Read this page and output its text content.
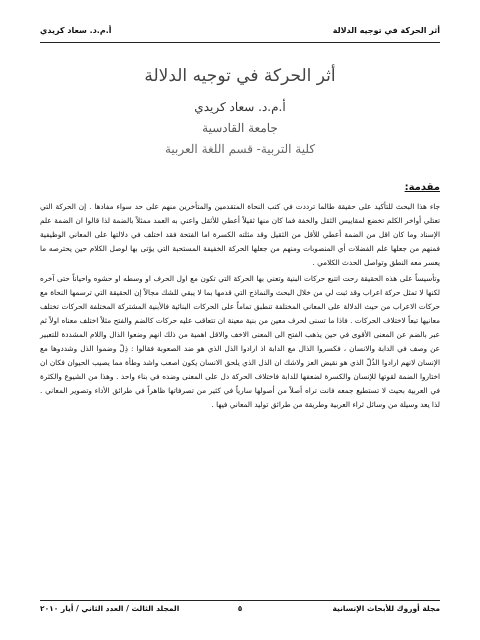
أثر الحركة في توجيه الدلالة
أ.م.د. سعاد كريدي
أثر الحركة في توجيه الدلالة
أ.م.د. سعاد كريدي
جامعة القادسية
كلية التربية- قسم اللغة العربية
مقدمة:

جاء هذا البحث للتأكيد على حقيقة طالما ترددت في كتب النحاة المتقدمين والمتأخرين منهم على حد سواء مفادها . إن الحركة التي تعتلي أواخر الكلم تخضع لمقاييس الثقل والخفة فما كان منها ثقيلاً أعطي للأثقل واعني به العمد ممثلاً بالضمة لذا قالوا ان الضمة علم الإسناد وما كان اقل من الضمة أعطي للأقل من الثقيل وقد مثلته الكسرة اما الفتحة فقد اختلف في دلالتها على المعاني الوظيفية فمنهم من جعلها علم الفضلات أي المنصوبات ومنهم من جعلها الحركة الخفيفة المستحبة التي يؤتى بها لوصل الكلام حين يحترصه ما يعسر معه النطق وتواصل الحدث الكلامي .

وتأسيساً على هذه الحقيقة رحت اتتبع حركات البنية وتعني بها الحركة التي تكون مع اول الحرف او وسطه او حشوه واحياناً حتى آخره لكنها لا تمثل حركة اعراب وقد ثبت لي من خلال البحث والنماذج التي قدمها بما لا يبقي للشك مجالاً إن الحقيقة التي ترسمها النحاة مع حركات الاعراب من حيث الدلالة على المعاني المختلفة تنطبق تماماً على الحركات البنائية فالأبنية المشتركة المختلفة الحركات تختلف معانيها تبعاً لاختلاف الحركات . فاذا ما تسنى لحرف معين من بنية معينة ان تتعاقب عليه حركات كالضم والفتح مثلاً اختلف معناه اولاً ثم عبر بالضم عن المعنى الأقوى في حين يذهب الفتح الى المعنى الاخف والاقل اهمية من ذلك انهم وضعوا الذال واللام المشددة للتعبير عن وصف في الدابة والانسان ، فكسروا الذال مع الدابة اذ ارادوا الذل الذي هو ضد الصعوبة فقالوا : ذِلّ وضموا الذل وشددوها مع الإنسان لانهم ارادوا الذُلّ الذي هو نقيض العز ولاشك ان الذل الذي يلحق الانسان يكون اصعب واشد وطأة مما يصيب الحيوان فكان ان اختاروا الضمة لقوتها للإنسان والكسرة لضعفها للدابة فاختلاف الحركة دل على المعنى وضده في بناء واحد . وهذا من الشيوع والكثرة في العربية بحيث لا تستطيع جمعه فانت تراه أصلاً من أصولها سارياً في كثير من تصرفاتها ظاهراً في طرائق الأداء وتصوير المعاني . لذا يعد وسيلة من وسائل ثراء العربية وطريقة من طرائق توليد المعاني فيها .

مجلة أوروك للأبحاث الإنسانية
٥
المجلد الثالث / العدد الثاني / أيار ٢٠١٠
